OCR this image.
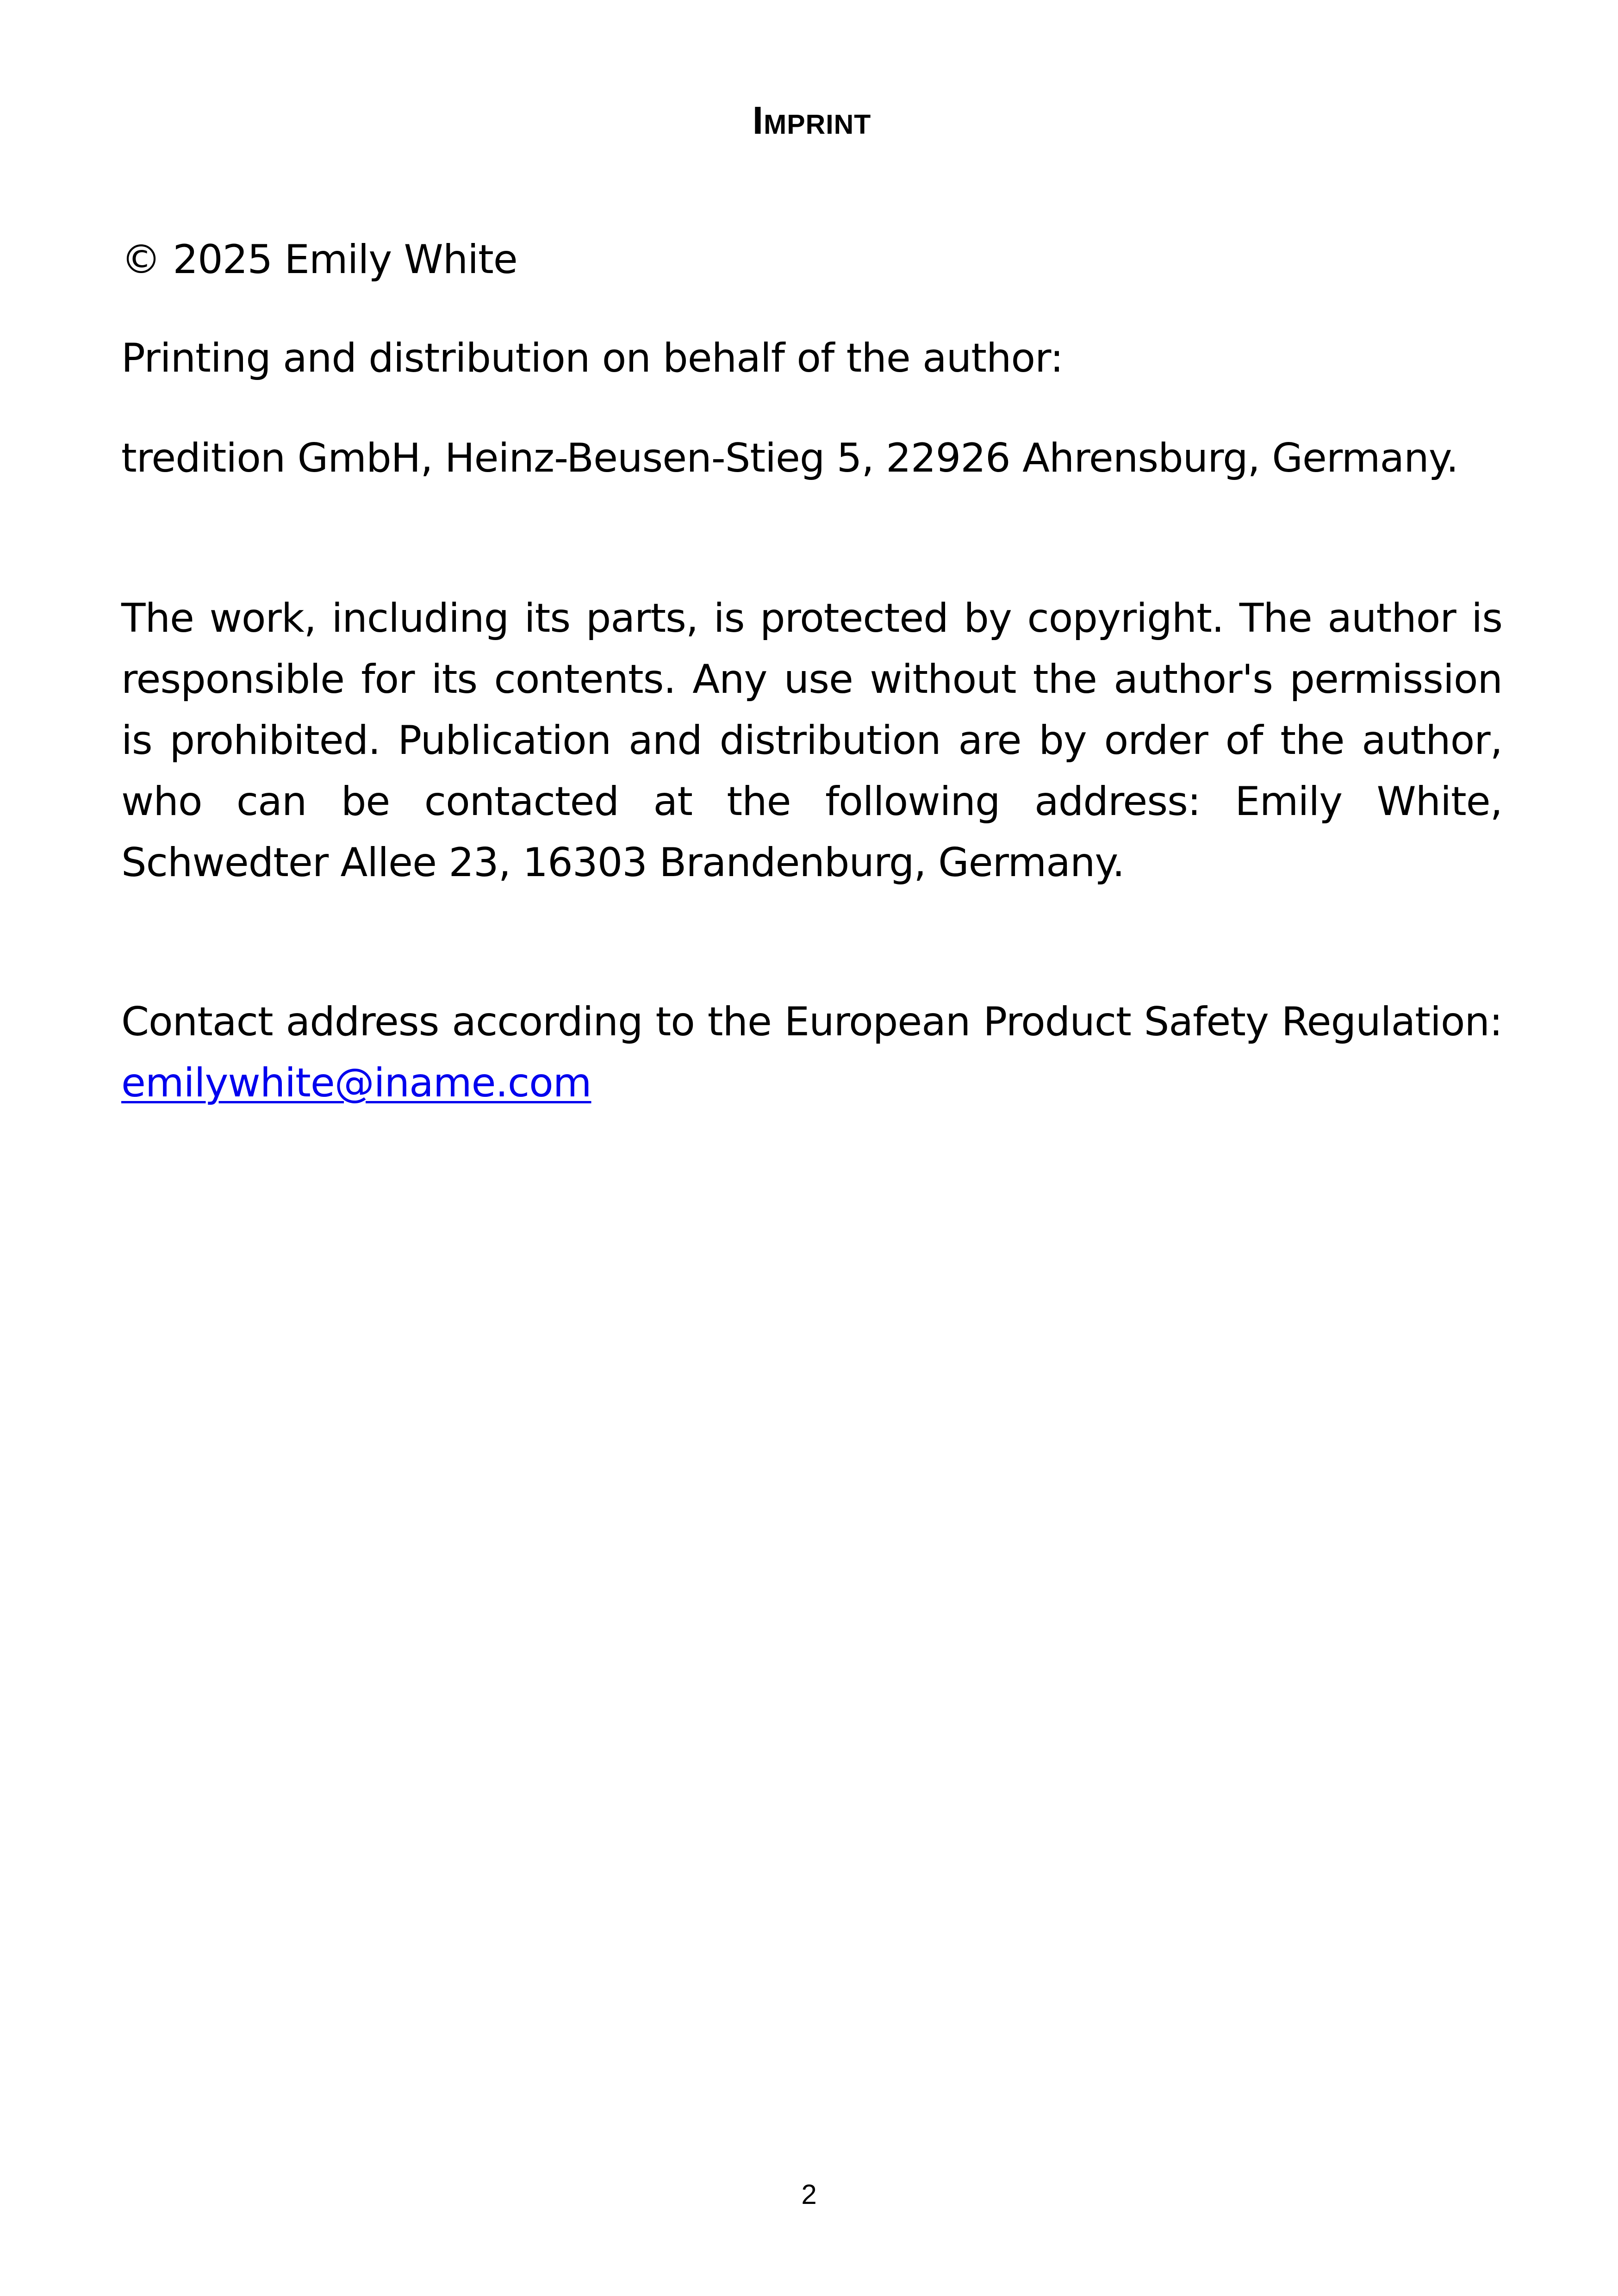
Imprint

© 2025 Emily White

Printing and distribution on behalf of the author:

tredition GmbH, Heinz-Beusen-Stieg 5, 22926 Ahrensburg, Germany.

The work, including its parts, is protected by copyright. The author is responsible for its contents. Any use without the author's permission is prohibited. Publication and distribution are by order of the author, who can be contacted at the following address: Emily White, Schwedter Allee 23, 16303 Brandenburg, Germany.

Contact address according to the European Product Safety Regulation: emilywhite@iname.com

2
